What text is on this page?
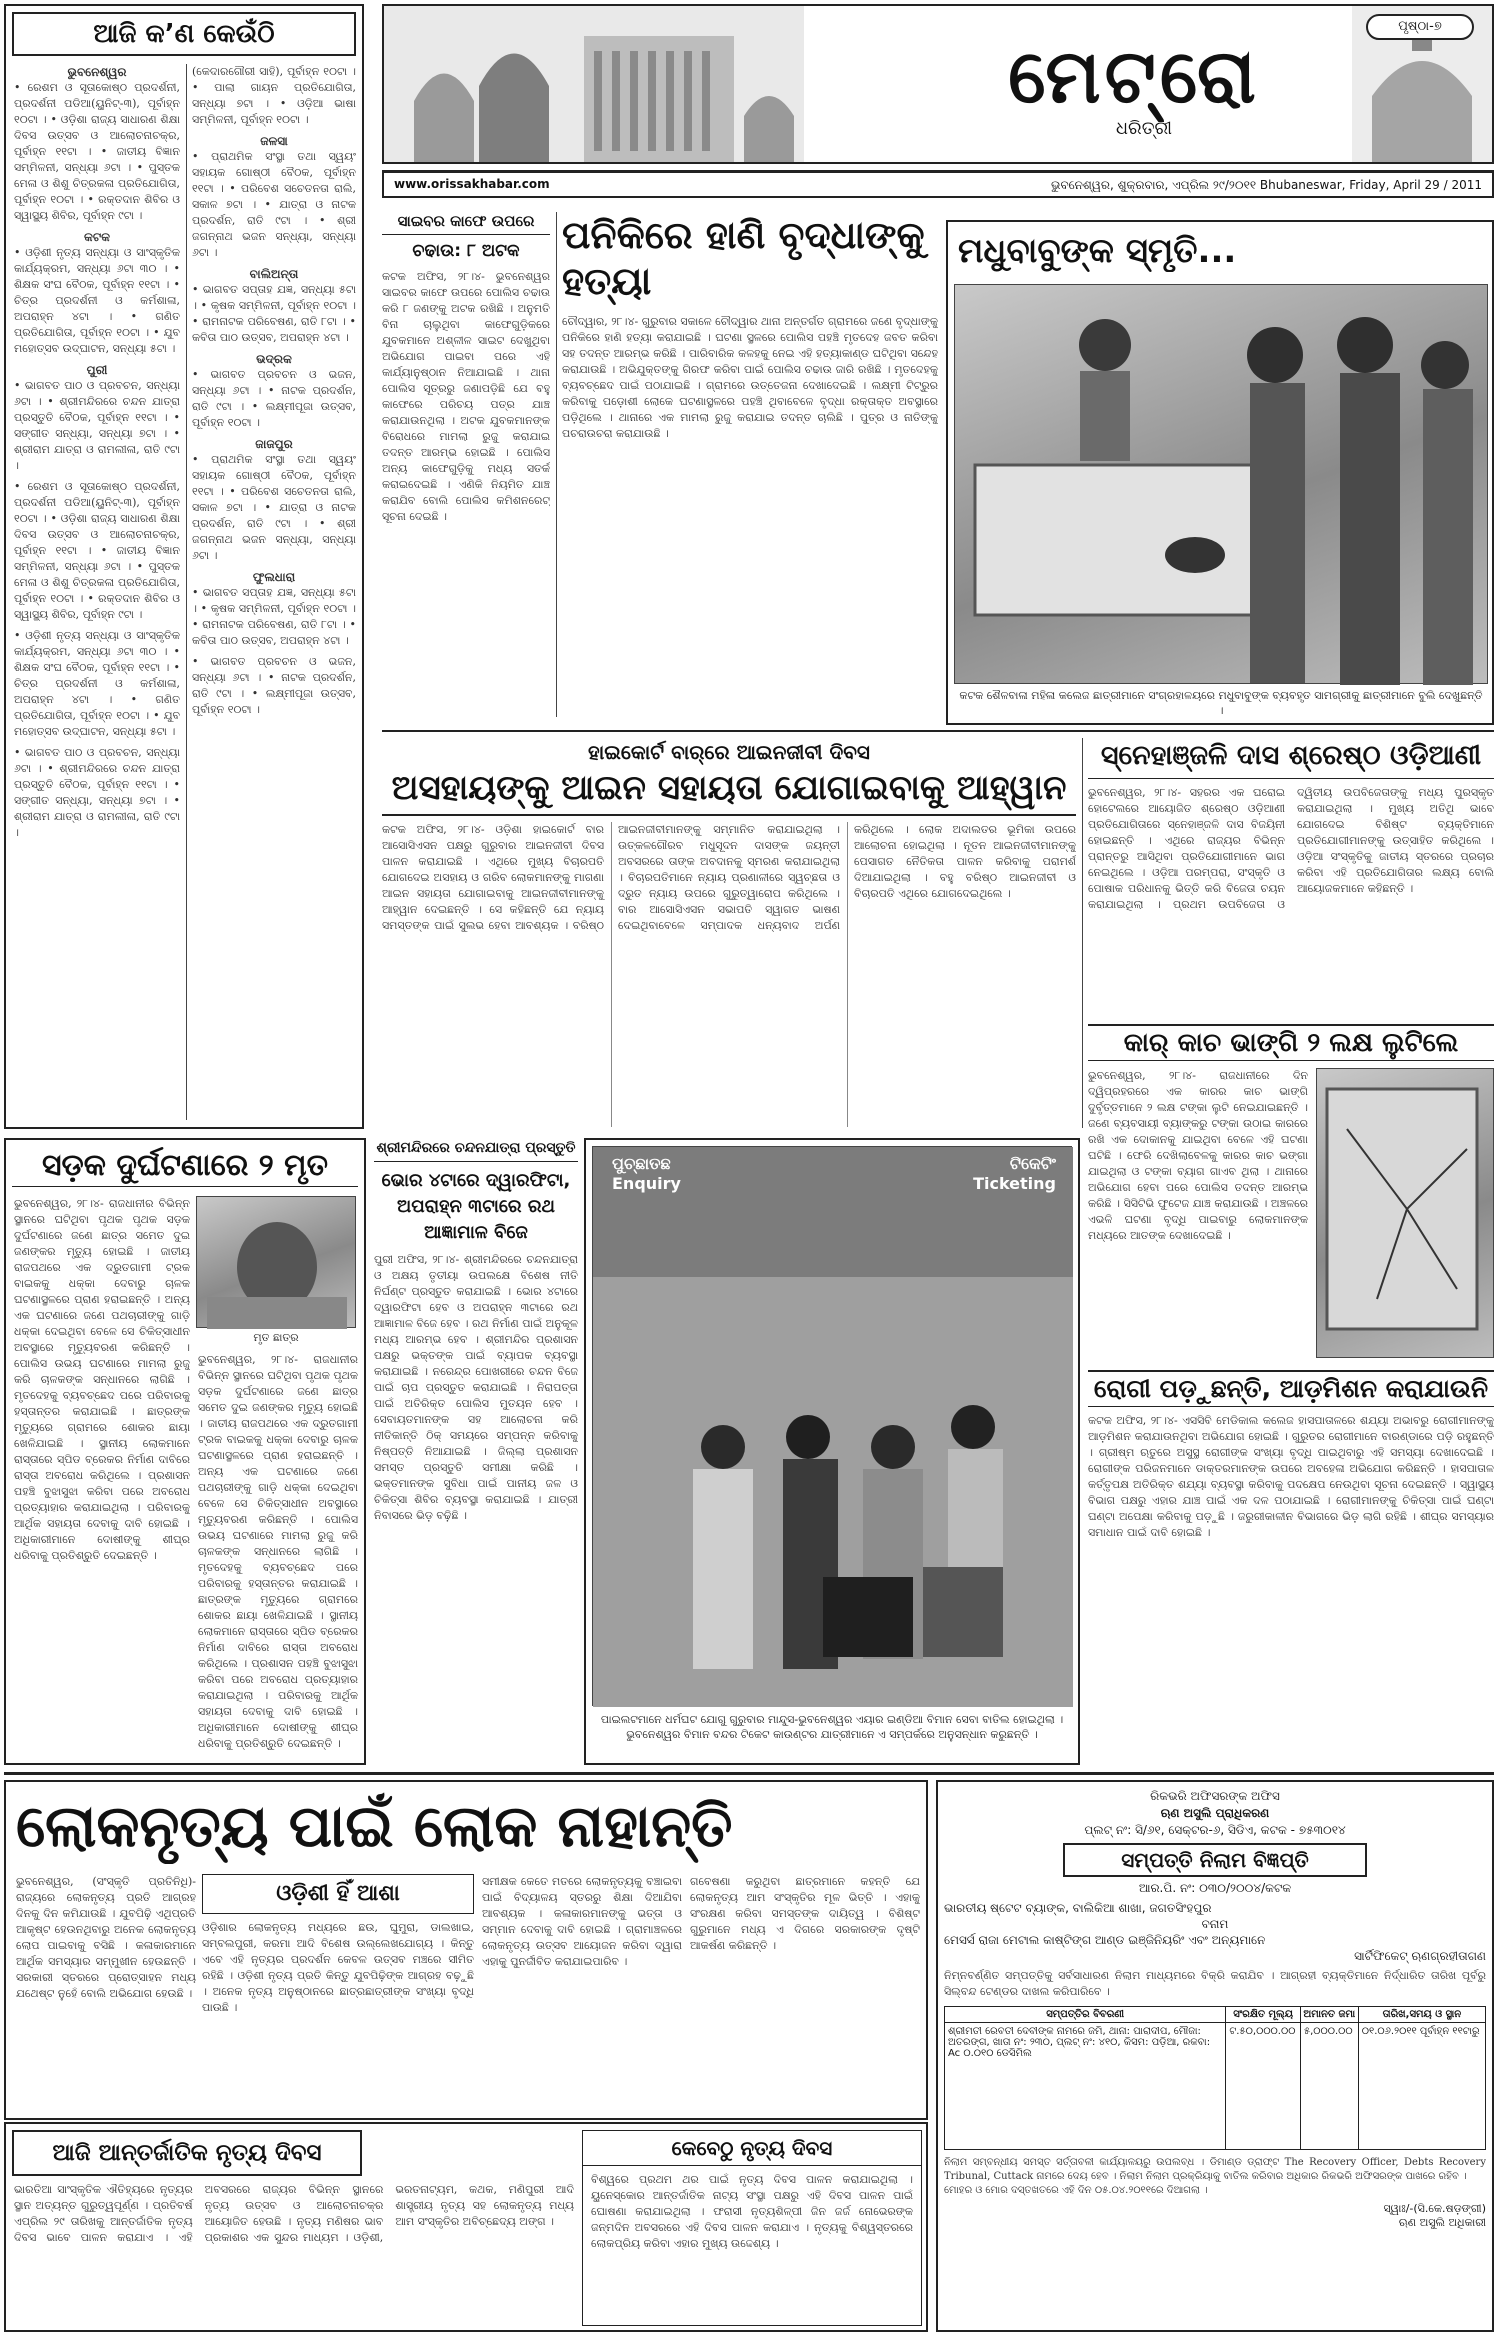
ଆଜି କ’ଣ କେଉଁଠି
ଭୁବନେଶ୍ୱର

• ରେଶମ ଓ ସୂତାକୋଷ୍ଠ ପ୍ରଦର୍ଶନୀ, ପ୍ରଦର୍ଶନୀ ପଡିଆ(ୟୁନିଟ୍-୩), ପୂର୍ବାହ୍ନ ୧୦ଟା । • ଓଡ଼ିଶା ରାଜ୍ୟ ସାଧାରଣ ଶିକ୍ଷା ଦିବସ ଉତ୍ସବ ଓ ଆଲୋଚନାଚକ୍ର, ପୂର୍ବାହ୍ନ ୧୧ଟା । • ଜାତୀୟ ବିଜ୍ଞାନ ସମ୍ମିଳନୀ, ସନ୍ଧ୍ୟା ୬ଟା । • ପୁସ୍ତକ ମେଳା ଓ ଶିଶୁ ଚିତ୍ରକଳା ପ୍ରତିଯୋଗିତା, ପୂର୍ବାହ୍ନ ୧୦ଟା । • ରକ୍ତଦାନ ଶିବିର ଓ ସ୍ୱାସ୍ଥ୍ୟ ଶିବିର, ପୂର୍ବାହ୍ନ ୯ଟା ।

କଟକ

• ଓଡ଼ିଶୀ ନୃତ୍ୟ ସନ୍ଧ୍ୟା ଓ ସାଂସ୍କୃତିକ କାର୍ଯ୍ୟକ୍ରମ, ସନ୍ଧ୍ୟା ୬ଟା ୩୦ । • ଶିକ୍ଷକ ସଂଘ ବୈଠକ, ପୂର୍ବାହ୍ନ ୧୧ଟା । • ଚିତ୍ର ପ୍ରଦର୍ଶନୀ ଓ କର୍ମଶାଳା, ଅପରାହ୍ନ ୪ଟା । • ଗଣିତ ପ୍ରତିଯୋଗିତା, ପୂର୍ବାହ୍ନ ୧୦ଟା । • ଯୁବ ମହୋତ୍ସବ ଉଦ୍‌ଘାଟନ, ସନ୍ଧ୍ୟା ୫ଟା ।

ପୁରୀ

• ଭାଗବତ ପାଠ ଓ ପ୍ରବଚନ, ସନ୍ଧ୍ୟା ୬ଟା । • ଶ୍ରୀମନ୍ଦିରରେ ଚନ୍ଦନ ଯାତ୍ରା ପ୍ରସ୍ତୁତି ବୈଠକ, ପୂର୍ବାହ୍ନ ୧୧ଟା । • ସଙ୍ଗୀତ ସନ୍ଧ୍ୟା, ସନ୍ଧ୍ୟା ୭ଟା । • ଶ୍ରୀରାମ ଯାତ୍ରା ଓ ରାମଲୀଳା, ରାତି ୯ଟା ।

• ରେଶମ ଓ ସୂତାକୋଷ୍ଠ ପ୍ରଦର୍ଶନୀ, ପ୍ରଦର୍ଶନୀ ପଡିଆ(ୟୁନିଟ୍-୩), ପୂର୍ବାହ୍ନ ୧୦ଟା । • ଓଡ଼ିଶା ରାଜ୍ୟ ସାଧାରଣ ଶିକ୍ଷା ଦିବସ ଉତ୍ସବ ଓ ଆଲୋଚନାଚକ୍ର, ପୂର୍ବାହ୍ନ ୧୧ଟା । • ଜାତୀୟ ବିଜ୍ଞାନ ସମ୍ମିଳନୀ, ସନ୍ଧ୍ୟା ୬ଟା । • ପୁସ୍ତକ ମେଳା ଓ ଶିଶୁ ଚିତ୍ରକଳା ପ୍ରତିଯୋଗିତା, ପୂର୍ବାହ୍ନ ୧୦ଟା । • ରକ୍ତଦାନ ଶିବିର ଓ ସ୍ୱାସ୍ଥ୍ୟ ଶିବିର, ପୂର୍ବାହ୍ନ ୯ଟା ।

• ଓଡ଼ିଶୀ ନୃତ୍ୟ ସନ୍ଧ୍ୟା ଓ ସାଂସ୍କୃତିକ କାର୍ଯ୍ୟକ୍ରମ, ସନ୍ଧ୍ୟା ୬ଟା ୩୦ । • ଶିକ୍ଷକ ସଂଘ ବୈଠକ, ପୂର୍ବାହ୍ନ ୧୧ଟା । • ଚିତ୍ର ପ୍ରଦର୍ଶନୀ ଓ କର୍ମଶାଳା, ଅପରାହ୍ନ ୪ଟା । • ଗଣିତ ପ୍ରତିଯୋଗିତା, ପୂର୍ବାହ୍ନ ୧୦ଟା । • ଯୁବ ମହୋତ୍ସବ ଉଦ୍‌ଘାଟନ, ସନ୍ଧ୍ୟା ୫ଟା ।

• ଭାଗବତ ପାଠ ଓ ପ୍ରବଚନ, ସନ୍ଧ୍ୟା ୬ଟା । • ଶ୍ରୀମନ୍ଦିରରେ ଚନ୍ଦନ ଯାତ୍ରା ପ୍ରସ୍ତୁତି ବୈଠକ, ପୂର୍ବାହ୍ନ ୧୧ଟା । • ସଙ୍ଗୀତ ସନ୍ଧ୍ୟା, ସନ୍ଧ୍ୟା ୭ଟା । • ଶ୍ରୀରାମ ଯାତ୍ରା ଓ ରାମଲୀଳା, ରାତି ୯ଟା ।

(କେଦାରଗୌରୀ ସାହି), ପୂର୍ବାହ୍ନ ୧୦ଟା । • ପାଲା ଗାୟନ ପ୍ରତିଯୋଗିତା, ସନ୍ଧ୍ୟା ୭ଟା । • ଓଡ଼ିଆ ଭାଷା ସମ୍ମିଳନୀ, ପୂର୍ବାହ୍ନ ୧୦ଟା ।

ଜଳସା

• ପ୍ରାଥମିକ ସଂସ୍ଥା ତଥା ସ୍ୱୟଂ ସହାୟକ ଗୋଷ୍ଠୀ ବୈଠକ, ପୂର୍ବାହ୍ନ ୧୧ଟା । • ପରିବେଶ ସଚେତନତା ରାଲି, ସକାଳ ୭ଟା । • ଯାତ୍ରା ଓ ନାଟକ ପ୍ରଦର୍ଶନ, ରାତି ୯ଟା । • ଶ୍ରୀ ଜଗନ୍ନାଥ ଭଜନ ସନ୍ଧ୍ୟା, ସନ୍ଧ୍ୟା ୬ଟା ।

ବାଲିଅନ୍ତା

• ଭାଗବତ ସପ୍ତାହ ଯଜ୍ଞ, ସନ୍ଧ୍ୟା ୫ଟା । • କୃଷକ ସମ୍ମିଳନୀ, ପୂର୍ବାହ୍ନ ୧୦ଟା । • ରାମନାଟକ ପରିବେଷଣ, ରାତି ୮ଟା । • କବିତା ପାଠ ଉତ୍ସବ, ଅପରାହ୍ନ ୪ଟା ।

ଭଦ୍ରକ

• ଭାଗବତ ପ୍ରବଚନ ଓ ଭଜନ, ସନ୍ଧ୍ୟା ୬ଟା । • ନାଟକ ପ୍ରଦର୍ଶନ, ରାତି ୯ଟା । • ଲକ୍ଷ୍ମୀପୂଜା ଉତ୍ସବ, ପୂର୍ବାହ୍ନ ୧୦ଟା ।

ଜାଜପୁର

• ପ୍ରାଥମିକ ସଂସ୍ଥା ତଥା ସ୍ୱୟଂ ସହାୟକ ଗୋଷ୍ଠୀ ବୈଠକ, ପୂର୍ବାହ୍ନ ୧୧ଟା । • ପରିବେଶ ସଚେତନତା ରାଲି, ସକାଳ ୭ଟା । • ଯାତ୍ରା ଓ ନାଟକ ପ୍ରଦର୍ଶନ, ରାତି ୯ଟା । • ଶ୍ରୀ ଜଗନ୍ନାଥ ଭଜନ ସନ୍ଧ୍ୟା, ସନ୍ଧ୍ୟା ୬ଟା ।

ଫୁଲଧାରା

• ଭାଗବତ ସପ୍ତାହ ଯଜ୍ଞ, ସନ୍ଧ୍ୟା ୫ଟା । • କୃଷକ ସମ୍ମିଳନୀ, ପୂର୍ବାହ୍ନ ୧୦ଟା । • ରାମନାଟକ ପରିବେଷଣ, ରାତି ୮ଟା । • କବିତା ପାଠ ଉତ୍ସବ, ଅପରାହ୍ନ ୪ଟା ।

• ଭାଗବତ ପ୍ରବଚନ ଓ ଭଜନ, ସନ୍ଧ୍ୟା ୬ଟା । • ନାଟକ ପ୍ରଦର୍ଶନ, ରାତି ୯ଟା । • ଲକ୍ଷ୍ମୀପୂଜା ଉତ୍ସବ, ପୂର୍ବାହ୍ନ ୧୦ଟା ।

ମେଟ୍ରୋ
ଧରିତ୍ରୀ
ପୃଷ୍ଠା-୭
www.orissakhabar.com	ଭୁବନେଶ୍ୱର, ଶୁକ୍ରବାର, ଏପ୍ରିଲ ୨୯/୨୦୧୧ Bhubaneswar, Friday, April 29 / 2011
ସାଇବର କାଫେ ଉପରେ
ଚଢାଉ: ୮ ଅଟକ
କଟକ ଅଫିସ, ୨୮।୪- ଭୁବନେଶ୍ୱର ସାଇବର କାଫେ ଉପରେ ପୋଲିସ ଚଢାଉ କରି ୮ ଜଣଙ୍କୁ ଅଟକ ରଖିଛି । ଅନୁମତି ବିନା ଚାଲୁଥିବା କାଫେଗୁଡ଼ିକରେ ଯୁବକମାନେ ଅଶ୍ଳୀଳ ସାଇଟ ଦେଖୁଥିବା ଅଭିଯୋଗ ପାଇବା ପରେ ଏହି କାର୍ଯ୍ୟାନୁଷ୍ଠାନ ନିଆଯାଇଛି । ଥାନା ପୋଲିସ ସୂତ୍ରରୁ ଜଣାପଡ଼ିଛି ଯେ ବହୁ କାଫେରେ ପରିଚୟ ପତ୍ର ଯାଞ୍ଚ କରାଯାଉନଥିଲା । ଅଟକ ଯୁବକମାନଙ୍କ ବିରୋଧରେ ମାମଲା ରୁଜୁ କରାଯାଇ ତଦନ୍ତ ଆରମ୍ଭ ହୋଇଛି । ପୋଲିସ ଅନ୍ୟ କାଫେଗୁଡ଼ିକୁ ମଧ୍ୟ ସତର୍କ କରାଇଦେଇଛି । ଏଣିକି ନିୟମିତ ଯାଞ୍ଚ କରାଯିବ ବୋଲି ପୋଲିସ କମିଶନରେଟ୍ ସୂଚନା ଦେଇଛି ।
ପନିକିରେ ହାଣି ବୃଦ୍ଧାଙ୍କୁ ହତ୍ୟା
ଚୌଦ୍ୱାର, ୨୮।୪- ଗୁରୁବାର ସକାଳେ ଚୌଦ୍ୱାର ଥାନା ଅନ୍ତର୍ଗତ ଗ୍ରାମରେ ଜଣେ ବୃଦ୍ଧାଙ୍କୁ ପନିକିରେ ହାଣି ହତ୍ୟା କରାଯାଇଛି । ଘଟଣା ସ୍ଥଳରେ ପୋଲିସ ପହଞ୍ଚି ମୃତଦେହ ଜବତ କରିବା ସହ ତଦନ୍ତ ଆରମ୍ଭ କରିଛି । ପାରିବାରିକ କଳହକୁ ନେଇ ଏହି ହତ୍ୟାକାଣ୍ଡ ଘଟିଥିବା ସନ୍ଦେହ କରାଯାଉଛି । ଅଭିଯୁକ୍ତଙ୍କୁ ଗିରଫ କରିବା ପାଇଁ ପୋଲିସ ଚଢାଉ ଜାରି ରଖିଛି । ମୃତଦେହକୁ ବ୍ୟବଚ୍ଛେଦ ପାଇଁ ପଠାଯାଇଛି । ଗ୍ରାମରେ ଉତ୍ତେଜନା ଦେଖାଦେଇଛି । ଲକ୍ଷ୍ମୀ ଟିଟ୍ରୁର କରିବାକୁ ପଡ଼ୋଶୀ ଲୋକେ ଘଟଣାସ୍ଥଳରେ ପହଞ୍ଚି ଥିବାବେଳେ ବୃଦ୍ଧା ରକ୍ତାକ୍ତ ଅବସ୍ଥାରେ ପଡ଼ିଥିଲେ । ଥାନାରେ ଏକ ମାମଲା ରୁଜୁ କରାଯାଇ ତଦନ୍ତ ଚାଲିଛି । ପୁତ୍ର ଓ ନାତିଙ୍କୁ ପଚରାଉଚରା କରାଯାଉଛି ।
ମଧୁବାବୁଙ୍କ ସ୍ମୃତି...
କଟକ ଶୈଳବାଳା ମହିଳା କଲେଜ ଛାତ୍ରୀମାନେ ସଂଗ୍ରହାଳୟରେ ମଧୁବାବୁଙ୍କ ବ୍ୟବହୃତ ସାମଗ୍ରୀକୁ ଛାତ୍ରୀମାନେ ବୁଲି ଦେଖୁଛନ୍ତି ।
ହାଇକୋର୍ଟ ବାର୍‌ରେ ଆଇନଜୀବୀ ଦିବସ
ଅସହାୟଙ୍କୁ ଆଇନ ସହାୟତା ଯୋଗାଇବାକୁ ଆହ୍ୱାନ
କଟକ ଅଫିସ, ୨୮।୪- ଓଡ଼ିଶା ହାଇକୋର୍ଟ ବାର ଆସୋସିଏସନ ପକ୍ଷରୁ ଗୁରୁବାର ଆଇନଜୀବୀ ଦିବସ ପାଳନ କରାଯାଇଛି । ଏଥିରେ ମୁଖ୍ୟ ବିଚାରପତି ଯୋଗଦେଇ ଅସହାୟ ଓ ଗରିବ ଲୋକମାନଙ୍କୁ ମାଗଣା ଆଇନ ସହାୟତା ଯୋଗାଇବାକୁ ଆଇନଜୀବୀମାନଙ୍କୁ ଆହ୍ୱାନ ଦେଇଛନ୍ତି । ସେ କହିଛନ୍ତି ଯେ ନ୍ୟାୟ ସମସ୍ତଙ୍କ ପାଇଁ ସୁଲଭ ହେବା ଆବଶ୍ୟକ । ବରିଷ୍ଠ ଆଇନଜୀବୀମାନଙ୍କୁ ସମ୍ମାନିତ କରାଯାଇଥିଲା । ଉତ୍କଳଗୌରବ ମଧୁସୂଦନ ଦାସଙ୍କ ଜୟନ୍ତୀ ଅବସରରେ ତାଙ୍କ ଅବଦାନକୁ ସ୍ମରଣ କରାଯାଇଥିଲା । ବିଚାରପତିମାନେ ନ୍ୟାୟ ପ୍ରଣାଳୀରେ ସ୍ୱଚ୍ଛତା ଓ ଦ୍ରୁତ ନ୍ୟାୟ ଉପରେ ଗୁରୁତ୍ୱାରୋପ କରିଥିଲେ । ବାର ଆସୋସିଏସନ ସଭାପତି ସ୍ୱାଗତ ଭାଷଣ ଦେଇଥିବାବେଳେ ସମ୍ପାଦକ ଧନ୍ୟବାଦ ଅର୍ପଣ କରିଥିଲେ । ଲୋକ ଅଦାଲତର ଭୂମିକା ଉପରେ ଆଲୋଚନା ହୋଇଥିଲା । ନୂତନ ଆଇନଜୀବୀମାନଙ୍କୁ ପେସାଗତ ନୈତିକତା ପାଳନ କରିବାକୁ ପରାମର୍ଶ ଦିଆଯାଇଥିଲା । ବହୁ ବରିଷ୍ଠ ଆଇନଜୀବୀ ଓ ବିଚାରପତି ଏଥିରେ ଯୋଗଦେଇଥିଲେ ।
ସ୍ନେହାଞ୍ଜଳି ଦାସ ଶ୍ରେଷ୍ଠ ଓଡ଼ିଆଣୀ
ଭୁବନେଶ୍ୱର, ୨୮।୪- ସହରର ଏକ ଘରୋଇ ହୋଟେଲରେ ଆୟୋଜିତ ଶ୍ରେଷ୍ଠ ଓଡ଼ିଆଣୀ ପ୍ରତିଯୋଗିତାରେ ସ୍ନେହାଞ୍ଜଳି ଦାସ ବିଜୟିନୀ ହୋଇଛନ୍ତି । ଏଥିରେ ରାଜ୍ୟର ବିଭିନ୍ନ ପ୍ରାନ୍ତରୁ ଆସିଥିବା ପ୍ରତିଯୋଗୀମାନେ ଭାଗ ନେଇଥିଲେ । ଓଡ଼ିଆ ପରମ୍ପରା, ସଂସ୍କୃତି ଓ ପୋଷାକ ପରିଧାନକୁ ଭିତ୍ତି କରି ବିଜେତା ଚୟନ କରାଯାଇଥିଲା । ପ୍ରଥମ ଉପବିଜେତା ଓ ଦ୍ୱିତୀୟ ଉପବିଜେତାଙ୍କୁ ମଧ୍ୟ ପୁରସ୍କୃତ କରାଯାଇଥିଲା । ମୁଖ୍ୟ ଅତିଥି ଭାବେ ଯୋଗଦେଇ ବିଶିଷ୍ଟ ବ୍ୟକ୍ତିମାନେ ପ୍ରତିଯୋଗୀମାନଙ୍କୁ ଉତ୍ସାହିତ କରିଥିଲେ । ଓଡ଼ିଆ ସଂସ୍କୃତିକୁ ଜାତୀୟ ସ୍ତରରେ ପ୍ରଚାର କରିବା ଏହି ପ୍ରତିଯୋଗିତାର ଲକ୍ଷ୍ୟ ବୋଲି ଆୟୋଜକମାନେ କହିଛନ୍ତି ।
କାର୍ କାଚ ଭାଙ୍ଗି ୨ ଲକ୍ଷ ଲୁଟିଲେ
ଭୁବନେଶ୍ୱର, ୨୮।୪- ରାଜଧାନୀରେ ଦିନ ଦ୍ୱିପ୍ରହରରେ ଏକ କାରର କାଚ ଭାଙ୍ଗି ଦୁର୍ବୃତ୍ତମାନେ ୨ ଲକ୍ଷ ଟଙ୍କା ଲୁଟି ନେଇଯାଇଛନ୍ତି । ଜଣେ ବ୍ୟବସାୟୀ ବ୍ୟାଙ୍କରୁ ଟଙ୍କା ଉଠାଇ କାରରେ ରଖି ଏକ ଦୋକାନକୁ ଯାଇଥିବା ବେଳେ ଏହି ଘଟଣା ଘଟିଛି । ଫେରି ଦେଖିଲାବେଳକୁ କାରର କାଚ ଭଙ୍ଗା ଯାଇଥିଲା ଓ ଟଙ୍କା ବ୍ୟାଗ ଗାଏବ ଥିଲା । ଥାନାରେ ଅଭିଯୋଗ ହେବା ପରେ ପୋଲିସ ତଦନ୍ତ ଆରମ୍ଭ କରିଛି । ସିସିଟିଭି ଫୁଟେଜ ଯାଞ୍ଚ କରାଯାଉଛି । ଅଞ୍ଚଳରେ ଏଭଳି ଘଟଣା ବୃଦ୍ଧି ପାଇବାରୁ ଲୋକମାନଙ୍କ ମଧ୍ୟରେ ଆତଙ୍କ ଦେଖାଦେଇଛି ।
ରୋଗୀ ପଡ଼ୁଛନ୍ତି, ଆଡ଼ମିଶନ କରାଯାଉନି
କଟକ ଅଫିସ, ୨୮।୪- ଏସସିବି ମେଡିକାଲ କଲେଜ ହାସପାତାଳରେ ଶଯ୍ୟା ଅଭାବରୁ ରୋଗୀମାନଙ୍କୁ ଆଡ଼ମିଶନ କରାଯାଉନଥିବା ଅଭିଯୋଗ ହୋଇଛି । ଗୁରୁତର ରୋଗୀମାନେ ବାରଣ୍ଡାରେ ପଡ଼ି ରହୁଛନ୍ତି । ଗ୍ରୀଷ୍ମ ଋତୁରେ ଅସୁସ୍ଥ ରୋଗୀଙ୍କ ସଂଖ୍ୟା ବୃଦ୍ଧି ପାଇଥିବାରୁ ଏହି ସମସ୍ୟା ଦେଖାଦେଇଛି । ରୋଗୀଙ୍କ ପରିଜନମାନେ ଡାକ୍ତରମାନଙ୍କ ଉପରେ ଅବହେଳା ଅଭିଯୋଗ କରିଛନ୍ତି । ହାସପାତାଳ କର୍ତ୍ତୃପକ୍ଷ ଅତିରିକ୍ତ ଶଯ୍ୟା ବ୍ୟବସ୍ଥା କରିବାକୁ ପଦକ୍ଷେପ ନେଉଥିବା ସୂଚନା ଦେଇଛନ୍ତି । ସ୍ୱାସ୍ଥ୍ୟ ବିଭାଗ ପକ୍ଷରୁ ଏହାର ଯାଞ୍ଚ ପାଇଁ ଏକ ଦଳ ପଠାଯାଇଛି । ରୋଗୀମାନଙ୍କୁ ଚିକିତ୍ସା ପାଇଁ ଘଣ୍ଟା ଘଣ୍ଟା ଅପେକ୍ଷା କରିବାକୁ ପଡ଼ୁଛି । ଜରୁରୀକାଳୀନ ବିଭାଗରେ ଭିଡ଼ ଲାଗି ରହିଛି । ଶୀଘ୍ର ସମସ୍ୟାର ସମାଧାନ ପାଇଁ ଦାବି ହୋଇଛି ।
ସଡ଼କ ଦୁର୍ଘଟଣାରେ ୨ ମୃତ
ମୃତ ଛାତ୍ର
ଭୁବନେଶ୍ୱର, ୨୮।୪- ରାଜଧାନୀର ବିଭିନ୍ନ ସ୍ଥାନରେ ଘଟିଥିବା ପୃଥକ ପୃଥକ ସଡ଼କ ଦୁର୍ଘଟଣାରେ ଜଣେ ଛାତ୍ର ସମେତ ଦୁଇ ଜଣଙ୍କର ମୃତ୍ୟୁ ହୋଇଛି । ଜାତୀୟ ରାଜପଥରେ ଏକ ଦ୍ରୁତଗାମୀ ଟ୍ରକ ବାଇକକୁ ଧକ୍କା ଦେବାରୁ ଚାଳକ ଘଟଣାସ୍ଥଳରେ ପ୍ରାଣ ହରାଇଛନ୍ତି । ଅନ୍ୟ ଏକ ଘଟଣାରେ ଜଣେ ପଥଚାରୀଙ୍କୁ ଗାଡ଼ି ଧକ୍କା ଦେଇଥିବା ବେଳେ ସେ ଚିକିତ୍ସାଧୀନ ଅବସ୍ଥାରେ ମୃତ୍ୟୁବରଣ କରିଛନ୍ତି । ପୋଲିସ ଉଭୟ ଘଟଣାରେ ମାମଲା ରୁଜୁ କରି ଚାଳକଙ୍କ ସନ୍ଧାନରେ ଲାଗିଛି । ମୃତଦେହକୁ ବ୍ୟବଚ୍ଛେଦ ପରେ ପରିବାରକୁ ହସ୍ତାନ୍ତର କରାଯାଇଛି । ଛାତ୍ରଙ୍କ ମୃତ୍ୟୁରେ ଗ୍ରାମରେ ଶୋକର ଛାୟା ଖେଳିଯାଇଛି । ସ୍ଥାନୀୟ ଲୋକମାନେ ରାସ୍ତାରେ ସ୍ପିଡ ବ୍ରେକର ନିର୍ମାଣ ଦାବିରେ ରାସ୍ତା ଅବରୋଧ କରିଥିଲେ । ପ୍ରଶାସନ ପହଞ୍ଚି ବୁଝାସୁଝା କରିବା ପରେ ଅବରୋଧ ପ୍ରତ୍ୟାହାର କରାଯାଇଥିଲା । ପରିବାରକୁ ଆର୍ଥିକ ସହାୟତା ଦେବାକୁ ଦାବି ହୋଇଛି । ଅଧିକାରୀମାନେ ଦୋଷୀଙ୍କୁ ଶୀଘ୍ର ଧରିବାକୁ ପ୍ରତିଶ୍ରୁତି ଦେଇଛନ୍ତି ।
ଭୁବନେଶ୍ୱର, ୨୮।୪- ରାଜଧାନୀର ବିଭିନ୍ନ ସ୍ଥାନରେ ଘଟିଥିବା ପୃଥକ ପୃଥକ ସଡ଼କ ଦୁର୍ଘଟଣାରେ ଜଣେ ଛାତ୍ର ସମେତ ଦୁଇ ଜଣଙ୍କର ମୃତ୍ୟୁ ହୋଇଛି । ଜାତୀୟ ରାଜପଥରେ ଏକ ଦ୍ରୁତଗାମୀ ଟ୍ରକ ବାଇକକୁ ଧକ୍କା ଦେବାରୁ ଚାଳକ ଘଟଣାସ୍ଥଳରେ ପ୍ରାଣ ହରାଇଛନ୍ତି । ଅନ୍ୟ ଏକ ଘଟଣାରେ ଜଣେ ପଥଚାରୀଙ୍କୁ ଗାଡ଼ି ଧକ୍କା ଦେଇଥିବା ବେଳେ ସେ ଚିକିତ୍ସାଧୀନ ଅବସ୍ଥାରେ ମୃତ୍ୟୁବରଣ କରିଛନ୍ତି । ପୋଲିସ ଉଭୟ ଘଟଣାରେ ମାମଲା ରୁଜୁ କରି ଚାଳକଙ୍କ ସନ୍ଧାନରେ ଲାଗିଛି । ମୃତଦେହକୁ ବ୍ୟବଚ୍ଛେଦ ପରେ ପରିବାରକୁ ହସ୍ତାନ୍ତର କରାଯାଇଛି । ଛାତ୍ରଙ୍କ ମୃତ୍ୟୁରେ ଗ୍ରାମରେ ଶୋକର ଛାୟା ଖେଳିଯାଇଛି । ସ୍ଥାନୀୟ ଲୋକମାନେ ରାସ୍ତାରେ ସ୍ପିଡ ବ୍ରେକର ନିର୍ମାଣ ଦାବିରେ ରାସ୍ତା ଅବରୋଧ କରିଥିଲେ । ପ୍ରଶାସନ ପହଞ୍ଚି ବୁଝାସୁଝା କରିବା ପରେ ଅବରୋଧ ପ୍ରତ୍ୟାହାର କରାଯାଇଥିଲା । ପରିବାରକୁ ଆର୍ଥିକ ସହାୟତା ଦେବାକୁ ଦାବି ହୋଇଛି । ଅଧିକାରୀମାନେ ଦୋଷୀଙ୍କୁ ଶୀଘ୍ର ଧରିବାକୁ ପ୍ରତିଶ୍ରୁତି ଦେଇଛନ୍ତି ।
ଶ୍ରୀମନ୍ଦିରରେ ଚନ୍ଦନଯାତ୍ରା ପ୍ରସ୍ତୁତି
ଭୋର ୪ଟାରେ ଦ୍ୱାରଫିଟା, ଅପରାହ୍ନ ୩ଟାରେ ରଥ ଆଜ୍ଞାମାଳ ବିଜେ
ପୁରୀ ଅଫିସ, ୨୮।୪- ଶ୍ରୀମନ୍ଦିରରେ ଚନ୍ଦନଯାତ୍ରା ଓ ଅକ୍ଷୟ ତୃତୀୟା ଉପଲକ୍ଷେ ବିଶେଷ ନୀତି ନିର୍ଘଣ୍ଟ ପ୍ରସ୍ତୁତ କରାଯାଇଛି । ଭୋର ୪ଟାରେ ଦ୍ୱାରଫିଟା ହେବ ଓ ଅପରାହ୍ନ ୩ଟାରେ ରଥ ଆଜ୍ଞାମାଳ ବିଜେ ହେବ । ରଥ ନିର୍ମାଣ ପାଇଁ ଅନୁକୂଳ ମଧ୍ୟ ଆରମ୍ଭ ହେବ । ଶ୍ରୀମନ୍ଦିର ପ୍ରଶାସନ ପକ୍ଷରୁ ଭକ୍ତଙ୍କ ପାଇଁ ବ୍ୟାପକ ବ୍ୟବସ୍ଥା କରାଯାଇଛି । ନରେନ୍ଦ୍ର ପୋଖରୀରେ ଚନ୍ଦନ ବିଜେ ପାଇଁ ଚାପ ପ୍ରସ୍ତୁତ କରାଯାଇଛି । ନିରାପତ୍ତା ପାଇଁ ଅତିରିକ୍ତ ପୋଲିସ ମୁତୟନ ହେବ । ସେବାୟତମାନଙ୍କ ସହ ଆଲୋଚନା କରି ନୀତିକାନ୍ତି ଠିକ୍ ସମୟରେ ସମ୍ପନ୍ନ କରିବାକୁ ନିଷ୍ପତ୍ତି ନିଆଯାଇଛି । ଜିଲ୍ଲା ପ୍ରଶାସନ ସମସ୍ତ ପ୍ରସ୍ତୁତି ସମୀକ୍ଷା କରିଛି । ଭକ୍ତମାନଙ୍କ ସୁବିଧା ପାଇଁ ପାନୀୟ ଜଳ ଓ ଚିକିତ୍ସା ଶିବିର ବ୍ୟବସ୍ଥା କରାଯାଇଛି । ଯାତ୍ରୀ ନିବାସରେ ଭିଡ଼ ବଢ଼ିଛି ।
ପୁଚ୍ଛାତଛ
Enquiry
ଟିକେଟିଂ
Ticketing
ପାଇଲଟମାନେ ଧର୍ମଘଟ ଯୋଗୁ ଗୁରୁବାର ମାନ୍ଦୁସ-ଭୁବନେଶ୍ୱର ଏୟାର ଇଣ୍ଡିଆ ବିମାନ ସେବା ବାତିଲ ହୋଇଥିଲା । ଭୁବନେଶ୍ୱର ବିମାନ ବନ୍ଦର ଟିକେଟ କାଉଣ୍ଟର ଯାତ୍ରୀମାନେ ଏ ସମ୍ପର୍କରେ ଅନୁସନ୍ଧାନ କରୁଛନ୍ତି ।
ଲୋକନୃତ୍ୟ ପାଇଁ ଲୋକ ନାହାନ୍ତି
ଭୁବନେଶ୍ୱର, (ସଂସ୍କୃତି ପ୍ରତିନିଧି)- ରାଜ୍ୟରେ ଲୋକନୃତ୍ୟ ପ୍ରତି ଆଗ୍ରହ ଦିନକୁ ଦିନ କମିଯାଉଛି । ଯୁବପିଢ଼ି ଏଥିପ୍ରତି ଆକୃଷ୍ଟ ହେଉନଥିବାରୁ ଅନେକ ଲୋକନୃତ୍ୟ ଲୋପ ପାଇବାକୁ ବସିଛି । କଳାକାରମାନେ ଆର୍ଥିକ ସମସ୍ୟାର ସମ୍ମୁଖୀନ ହେଉଛନ୍ତି । ସରକାରୀ ସ୍ତରରେ ପ୍ରୋତ୍ସାହନ ମଧ୍ୟ ଯଥେଷ୍ଟ ନୁହେଁ ବୋଲି ଅଭିଯୋଗ ହେଉଛି ।
ଓଡ଼ିଶୀ ହିଁ ଆଶା
ଓଡ଼ିଶାର ଲୋକନୃତ୍ୟ ମଧ୍ୟରେ ଛଉ, ଘୁମୁରା, ଡାଲଖାଇ, ସମ୍ବଲପୁରୀ, କରମା ଆଦି ବିଶେଷ ଉଲ୍ଲେଖଯୋଗ୍ୟ । କିନ୍ତୁ ଏବେ ଏହି ନୃତ୍ୟର ପ୍ରଦର୍ଶନ କେବଳ ଉତ୍ସବ ମଞ୍ଚରେ ସୀମିତ ରହିଛି । ଓଡ଼ିଶୀ ନୃତ୍ୟ ପ୍ରତି କିନ୍ତୁ ଯୁବପିଢ଼ିଙ୍କ ଆଗ୍ରହ ବଢ଼ୁଛି । ଅନେକ ନୃତ୍ୟ ଅନୁଷ୍ଠାନରେ ଛାତ୍ରଛାତ୍ରୀଙ୍କ ସଂଖ୍ୟା ବୃଦ୍ଧି ପାଉଛି ।
ସମୀକ୍ଷକ କେତେ ମତରେ ଲୋକନୃତ୍ୟକୁ ବଞ୍ଚାଇବା ପାଇଁ ବିଦ୍ୟାଳୟ ସ୍ତରରୁ ଶିକ୍ଷା ଦିଆଯିବା ଆବଶ୍ୟକ । କଳାକାରମାନଙ୍କୁ ଭତ୍ତା ଓ ସମ୍ମାନ ଦେବାକୁ ଦାବି ହୋଇଛି । ଗ୍ରାମାଞ୍ଚଳରେ ଲୋକନୃତ୍ୟ ଉତ୍ସବ ଆୟୋଜନ କରିବା ଦ୍ୱାରା ଏହାକୁ ପୁନର୍ଜୀବିତ କରାଯାଇପାରିବ ।
ଗବେଷଣା କରୁଥିବା ଛାତ୍ରମାନେ କହନ୍ତି ଯେ ଲୋକନୃତ୍ୟ ଆମ ସଂସ୍କୃତିର ମୂଳ ଭିତ୍ତି । ଏହାକୁ ସଂରକ୍ଷଣ କରିବା ସମସ୍ତଙ୍କ ଦାୟିତ୍ୱ । ବିଶିଷ୍ଟ ଗୁରୁମାନେ ମଧ୍ୟ ଏ ଦିଗରେ ସରକାରଙ୍କ ଦୃଷ୍ଟି ଆକର୍ଷଣ କରିଛନ୍ତି ।
ଆଜି ଆନ୍ତର୍ଜାତିକ ନୃତ୍ୟ ଦିବସ
ଭାରତିଆ ସାଂସ୍କୃତିକ ଐତିହ୍ୟରେ ନୃତ୍ୟର ସ୍ଥାନ ଅତ୍ୟନ୍ତ ଗୁରୁତ୍ୱପୂର୍ଣ୍ଣ । ପ୍ରତିବର୍ଷ ଏପ୍ରିଲ ୨୯ ତାରିଖକୁ ଆନ୍ତର୍ଜାତିକ ନୃତ୍ୟ ଦିବସ ଭାବେ ପାଳନ କରାଯାଏ । ଏହି ଅବସରରେ ରାଜ୍ୟର ବିଭିନ୍ନ ସ୍ଥାନରେ ନୃତ୍ୟ ଉତ୍ସବ ଓ ଆଲୋଚନାଚକ୍ର ଆୟୋଜିତ ହେଉଛି । ନୃତ୍ୟ ମଣିଷର ଭାବ ପ୍ରକାଶର ଏକ ସୁନ୍ଦର ମାଧ୍ୟମ । ଓଡ଼ିଶୀ, ଭରତନାଟ୍ୟମ, କଥକ, ମଣିପୁରୀ ଆଦି ଶାସ୍ତ୍ରୀୟ ନୃତ୍ୟ ସହ ଲୋକନୃତ୍ୟ ମଧ୍ୟ ଆମ ସଂସ୍କୃତିର ଅବିଚ୍ଛେଦ୍ୟ ଅଙ୍ଗ ।
କେବେଠୁ ନୃତ୍ୟ ଦିବସ
ବିଶ୍ୱରେ ପ୍ରଥମ ଥର ପାଇଁ ନୃତ୍ୟ ଦିବସ ପାଳନ କରାଯାଇଥିଲା । ୟୁନେସ୍କୋର ଆନ୍ତର୍ଜାତିକ ନାଟ୍ୟ ସଂସ୍ଥା ପକ୍ଷରୁ ଏହି ଦିବସ ପାଳନ ପାଇଁ ଘୋଷଣା କରାଯାଇଥିଲା । ଫରାସୀ ନୃତ୍ୟଶିଳ୍ପୀ ଜିନ ଜର୍ଜ ନୋଭେରଙ୍କ ଜନ୍ମଦିନ ଅବସରରେ ଏହି ଦିବସ ପାଳନ କରାଯାଏ । ନୃତ୍ୟକୁ ବିଶ୍ୱସ୍ତରରେ ଲୋକପ୍ରିୟ କରିବା ଏହାର ମୁଖ୍ୟ ଉଦ୍ଦେଶ୍ୟ ।
ରିକଭରି ଅଫିସରଙ୍କ ଅଫିସ
ଋଣ ଅସୁଲି ପ୍ରାଧିକରଣ
ପ୍ଲଟ୍ ନଂ: ସି/୬୧, ସେକ୍ଟର-୬, ସିଡିଏ, କଟକ - ୭୫୩୦୧୪
ସମ୍ପତ୍ତି ନିଲାମ ବିଜ୍ଞପ୍ତି
ଆର.ପି. ନଂ: ୦୩୦/୨୦୦୪/କଟକ
ଭାରତୀୟ ଷ୍ଟେଟ ବ୍ୟାଙ୍କ, ବାଲିକିଆ ଶାଖା, ଜଗତସିଂହପୁର
ବନାମ
ମେସର୍ସ ରାଜା ମେଟାଲ କାଷ୍ଟିଙ୍ଗ ଆଣ୍ଡ ଇଞ୍ଜିନିୟରିଂ ଏବଂ ଅନ୍ୟମାନେ
ସାର୍ଟିଫିକେଟ୍ ଋଣଗ୍ରହୀତାଗଣ
ନିମ୍ନବର୍ଣ୍ଣିତ ସମ୍ପତ୍ତିକୁ ସର୍ବସାଧାରଣ ନିଲାମ ମାଧ୍ୟମରେ ବିକ୍ରି କରାଯିବ । ଆଗ୍ରହୀ ବ୍ୟକ୍ତିମାନେ ନିର୍ଦ୍ଧାରିତ ତାରିଖ ପୂର୍ବରୁ ସିଲ୍‌ବନ୍ଦ ଟେଣ୍ଡର ଦାଖଲ କରିପାରିବେ ।
ସମ୍ପତ୍ତିର ବିବରଣୀ	ସଂରକ୍ଷିତ ମୂଲ୍ୟ	ଅମାନତ ଜମା	ତାରିଖ,ସମୟ ଓ ସ୍ଥାନ
ଶ୍ରୀମତୀ ରେବତୀ ଦେବୀଙ୍କ ନାମରେ ଜମି, ଥାନା: ପାରାଦୀପ, ମୌଜା: ଅତରଙ୍ଗ, ଖାତା ନଂ: ୨୩୦, ପ୍ଲଟ୍ ନଂ: ୪୧୦, କିସମ: ପଡ଼ିଆ, ରକବା: Ac ୦.୦୧୦ ଡେସିମିଲ	ଟ.୫୦,୦୦୦.୦୦	୫,୦୦୦.୦୦	୦୧.୦୬.୨୦୧୧ ପୂର୍ବାହ୍ନ ୧୧ଟାରୁ
ନିଲାମ ସମ୍ବନ୍ଧୀୟ ସମସ୍ତ ସର୍ତ୍ତାବଳୀ କାର୍ଯ୍ୟାଳୟରୁ ଉପଲବ୍ଧ । ଡିମାଣ୍ଡ ଡ୍ରାଫ୍ଟ The Recovery Officer, Debts Recovery Tribunal, Cuttack ନାମରେ ଦେୟ ହେବ । ନିଲାମ ନିଲାମ ପ୍ରକ୍ରିୟାକୁ ବାତିଲ କରିବାର ଅଧିକାର ରିକଭରି ଅଫିସରଙ୍କ ପାଖରେ ରହିବ ।
ମୋହର ଓ ମୋର ଦସ୍ତଖତରେ ଏହି ଦିନ ୦୫.୦୪.୨୦୧୧ରେ ଦିଆଗଲା ।
ସ୍ୱାଃ/-(ସି.କେ.ଷଡ଼ଙ୍ଗୀ)
ଋଣ ଅସୁଲି ଅଧିକାରୀ
